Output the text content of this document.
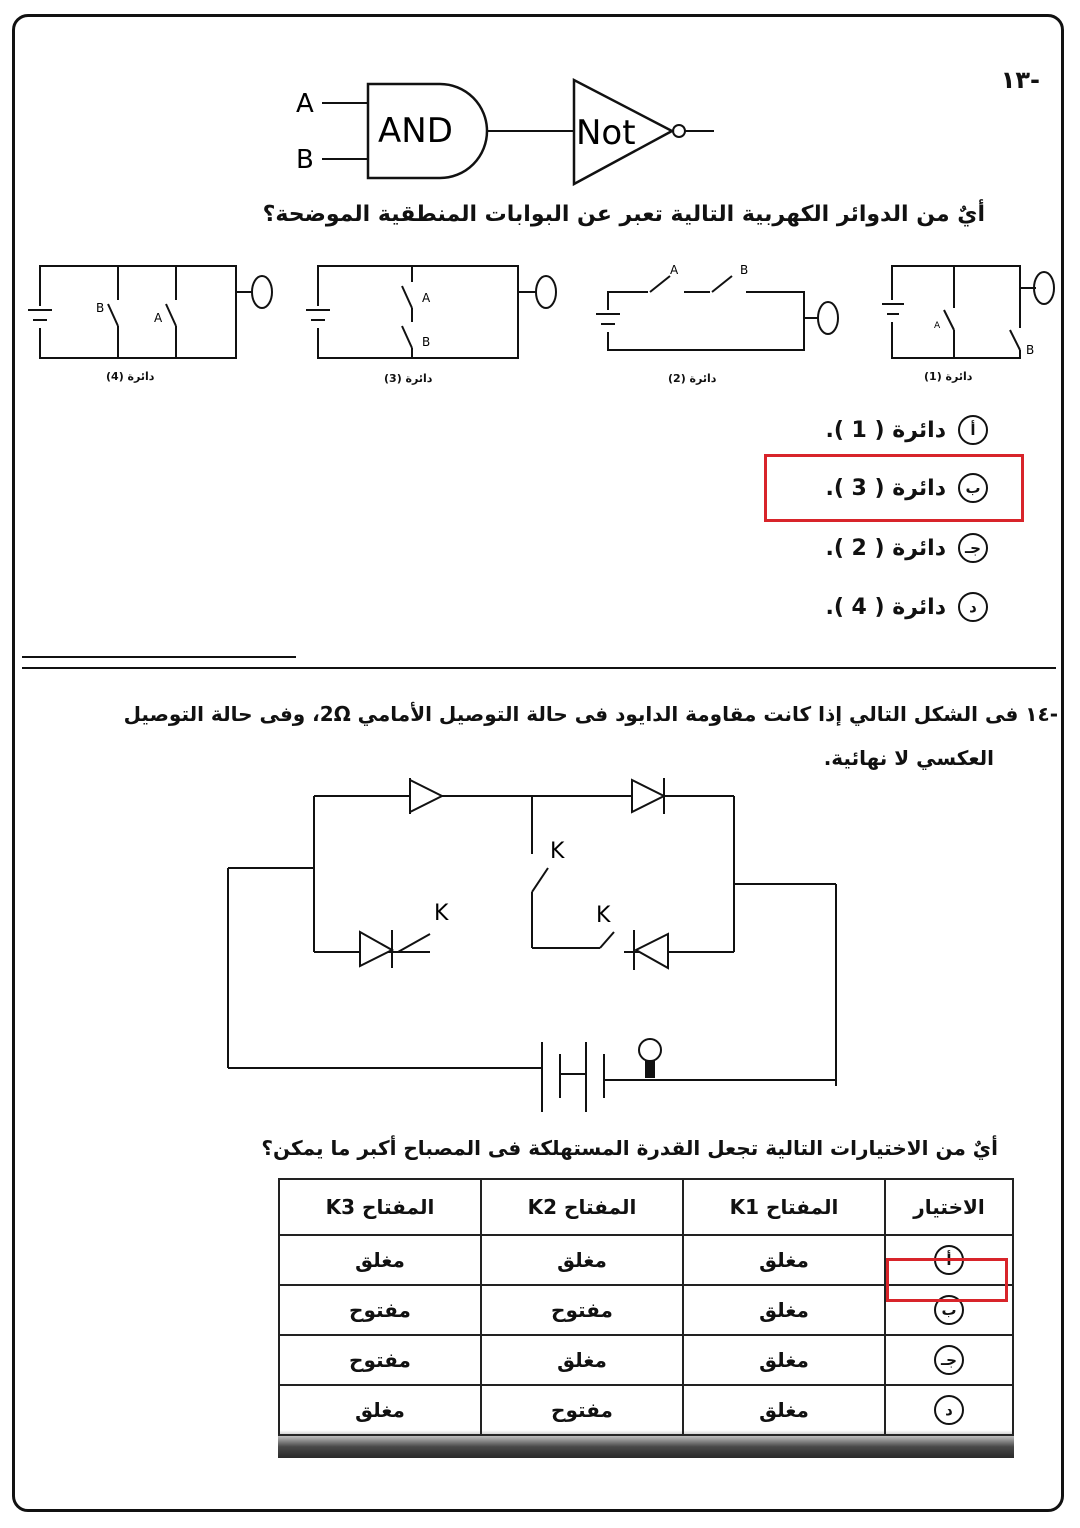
-١٣
A
B
AND	Not
أيٌ من الدوائر الكهربية التالية تعبر عن البوابات المنطقية الموضحة؟
A
B
دائرة (1)
A	B
دائرة (2)
A
B
دائرة (3)
B
A
دائرة (4)
أ
دائرة ( 1 ).
ب
دائرة ( 3 ).
جـ
دائرة ( 2 ).
د
دائرة ( 4 ).
-١٤ فى الشكل التالي إذا كانت مقاومة الدايود فى حالة التوصيل الأمامي 2Ω، وفى حالة التوصيل
العكسي لا نهائية.
K
K	K
أيٌ من الاختيارات التالية تجعل القدرة المستهلكة فى المصباح أكبر ما يمكن؟
الاختيار	المفتاح K1	المفتاح K2	المفتاح K3
أ	مغلق	مغلق	مغلق
ب	مغلق	مفتوح	مفتوح
جـ	مغلق	مغلق	مفتوح
د	مغلق	مفتوح	مغلق
